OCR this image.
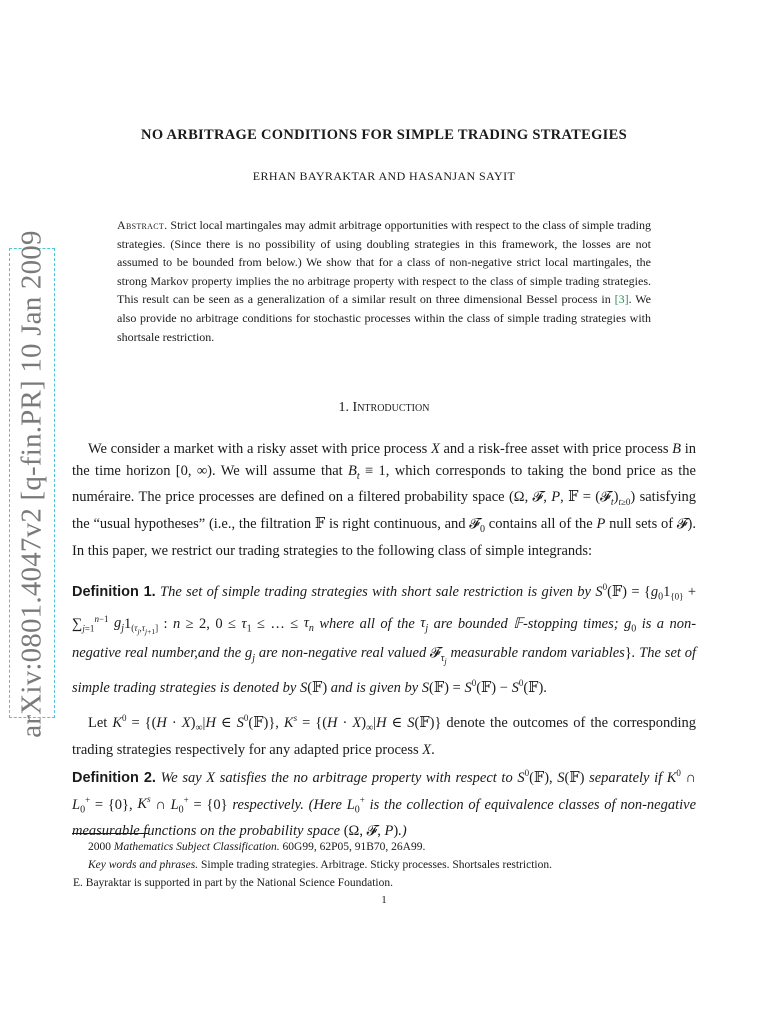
arXiv:0801.4047v2 [q-fin.PR] 10 Jan 2009
NO ARBITRAGE CONDITIONS FOR SIMPLE TRADING STRATEGIES
ERHAN BAYRAKTAR AND HASANJAN SAYIT
Abstract. Strict local martingales may admit arbitrage opportunities with respect to the class of simple trading strategies. (Since there is no possibility of using doubling strategies in this framework, the losses are not assumed to be bounded from below.) We show that for a class of non-negative strict local martingales, the strong Markov property implies the no arbitrage property with respect to the class of simple trading strategies. This result can be seen as a generalization of a similar result on three dimensional Bessel process in [3]. We also provide no arbitrage conditions for stochastic processes within the class of simple trading strategies with shortsale restriction.
1. Introduction
We consider a market with a risky asset with price process X and a risk-free asset with price process B in the time horizon [0, ∞). We will assume that $B_t \equiv 1$, which corresponds to taking the bond price as the numéraire. The price processes are defined on a filtered probability space (Ω, 𝓕, P, 𝔽 = $(𝓕_t)_{t\ge 0}$) satisfying the “usual hypotheses” (i.e., the filtration 𝔽 is right continuous, and 𝓕$_0$ contains all of the P null sets of 𝓕). In this paper, we restrict our trading strategies to the following class of simple integrands:
Definition 1. The set of simple trading strategies with short sale restriction is given by $S^0(𝔽) = \{g_01_{\{0\}} + \sum_{j=1}^{n-1}$ $g_j1_{(\tau_j,\tau_{j+1}]}$ : n ≥ 2, $0 \le \tau_1$ ≤ … ≤ $\tau_n$ where all of the $\tau_j$ are bounded 𝔽-stopping times; $g_0$ is a non-negative real number,and the $g_j$ are non-negative real valued 𝓕$_{\tau_j}$ measurable random variables}. The set of simple trading strategies is denoted by S(𝔽) and is given by S(𝔽) = $S^0(𝔽)$ − $S^0(𝔽)$.
Let $K^0 = \{(H \cdot X)_\infty|H$ ∈ $S^0(𝔽)$}, $K^s = \{(H \cdot X)_\infty|H$ ∈ S(𝔽)} denote the outcomes of the corresponding trading strategies respectively for any adapted price process X.
Definition 2. We say X satisfies the no arbitrage property with respect to $S^0(𝔽)$, S(𝔽) separately if $K^0$ ∩ $L_0^+ = \{0\}$, $K^s$ ∩ $L_0^+ = \{0\}$ respectively. (Here $L_0^+$ is the collection of equivalence classes of non-negative measurable functions on the probability space (Ω, 𝓕, P).)
2000 Mathematics Subject Classification. 60G99, 62P05, 91B70, 26A99.
Key words and phrases. Simple trading strategies. Arbitrage. Sticky processes. Shortsales restriction.
E. Bayraktar is supported in part by the National Science Foundation.
1
